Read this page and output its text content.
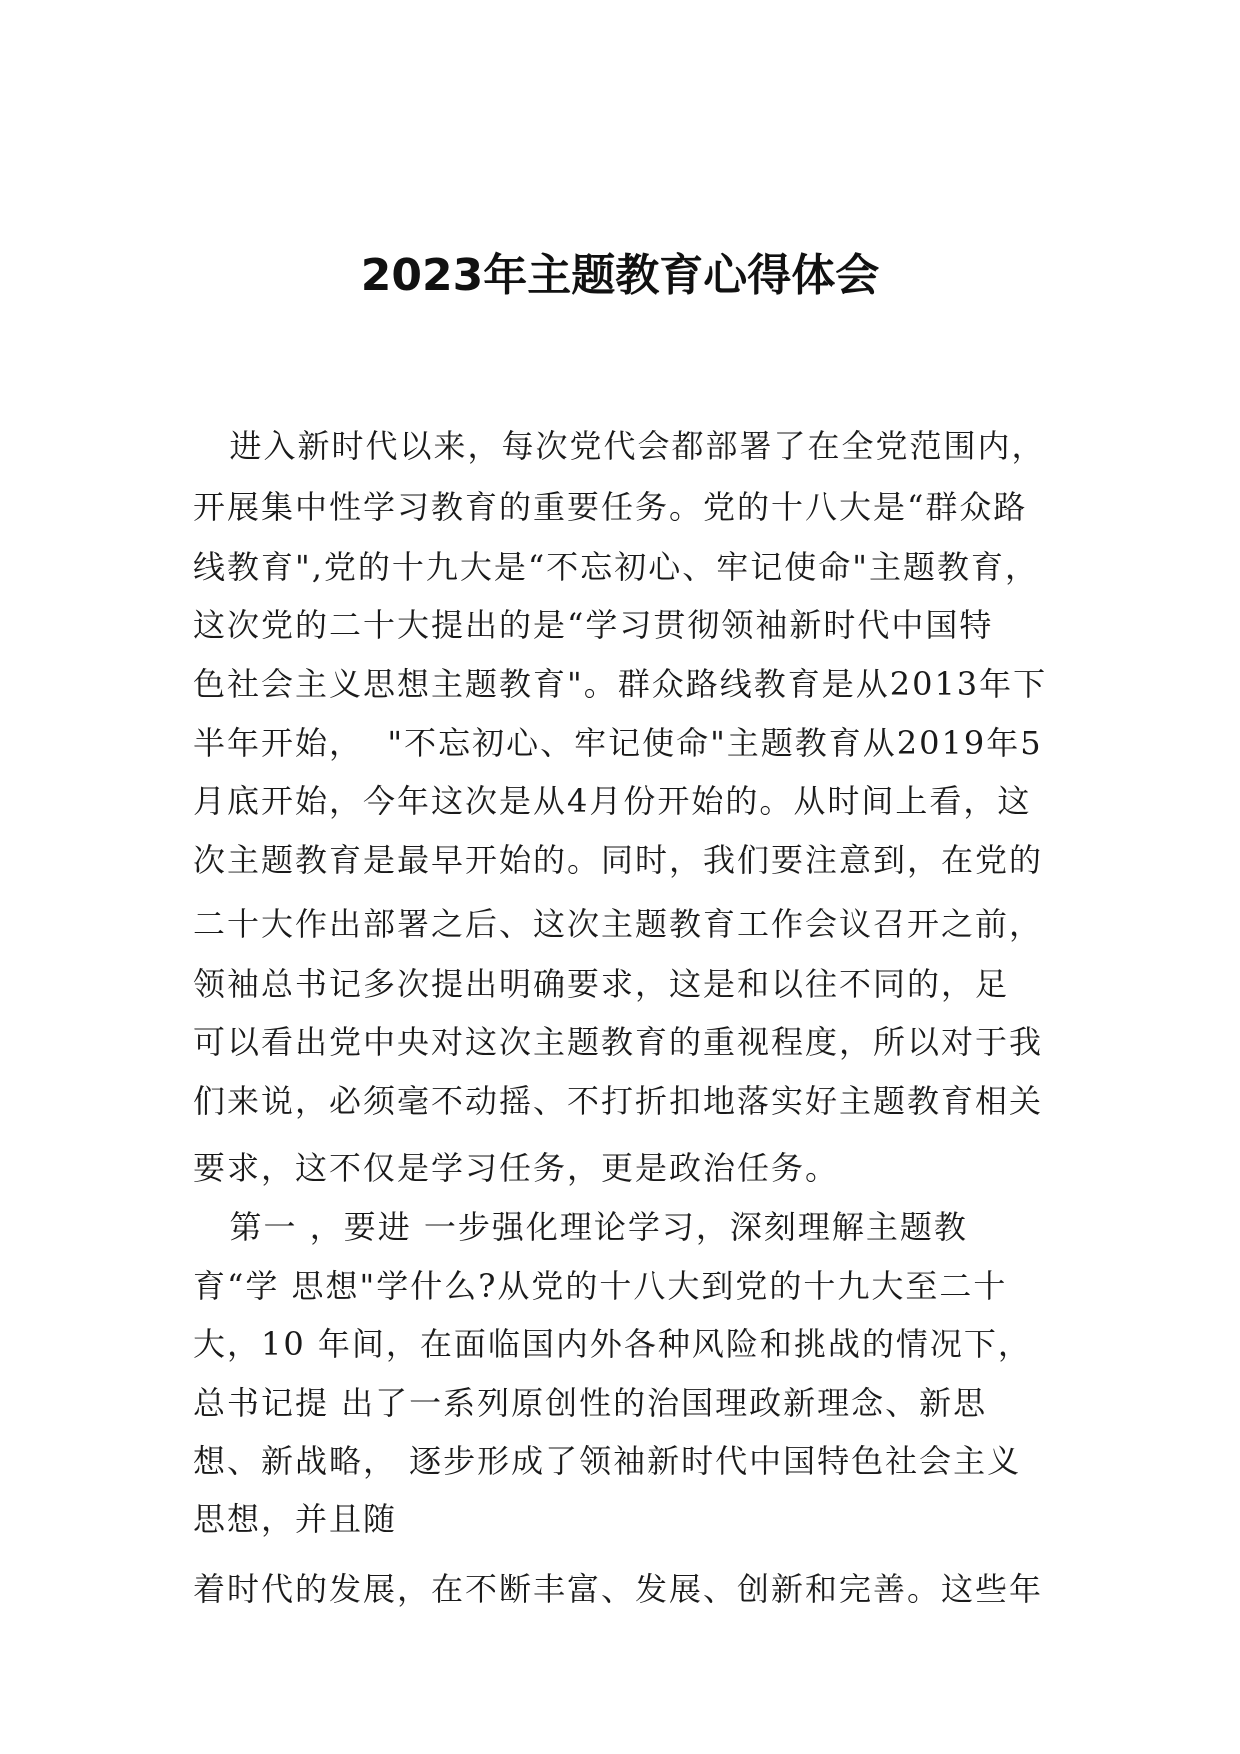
2023年主题教育心得体会
进入新时代以来，每次党代会都部署了在全党范围内，
开展集中性学习教育的重要任务。党的十八大是“群众路
线教育",党的十九大是“不忘初心、牢记使命"主题教育，
这次党的二十大提出的是“学习贯彻领袖新时代中国特
色社会主义思想主题教育"。群众路线教育是从2013年下
半年开始，  "不忘初心、牢记使命"主题教育从2019年5
月底开始，今年这次是从4月份开始的。从时间上看，这
次主题教育是最早开始的。同时，我们要注意到，在党的
二十大作出部署之后、这次主题教育工作会议召开之前，
领袖总书记多次提出明确要求，这是和以往不同的，足
可以看出党中央对这次主题教育的重视程度，所以对于我
们来说，必须毫不动摇、不打折扣地落实好主题教育相关
要求，这不仅是学习任务，更是政治任务。
第一 ，要进 一步强化理论学习，深刻理解主题教
育“学 思想"学什么?从党的十八大到党的十九大至二十
大，10 年间，在面临国内外各种风险和挑战的情况下，
总书记提 出了一系列原创性的治国理政新理念、新思
想、新战略， 逐步形成了领袖新时代中国特色社会主义
思想，并且随
着时代的发展，在不断丰富、发展、创新和完善。这些年
